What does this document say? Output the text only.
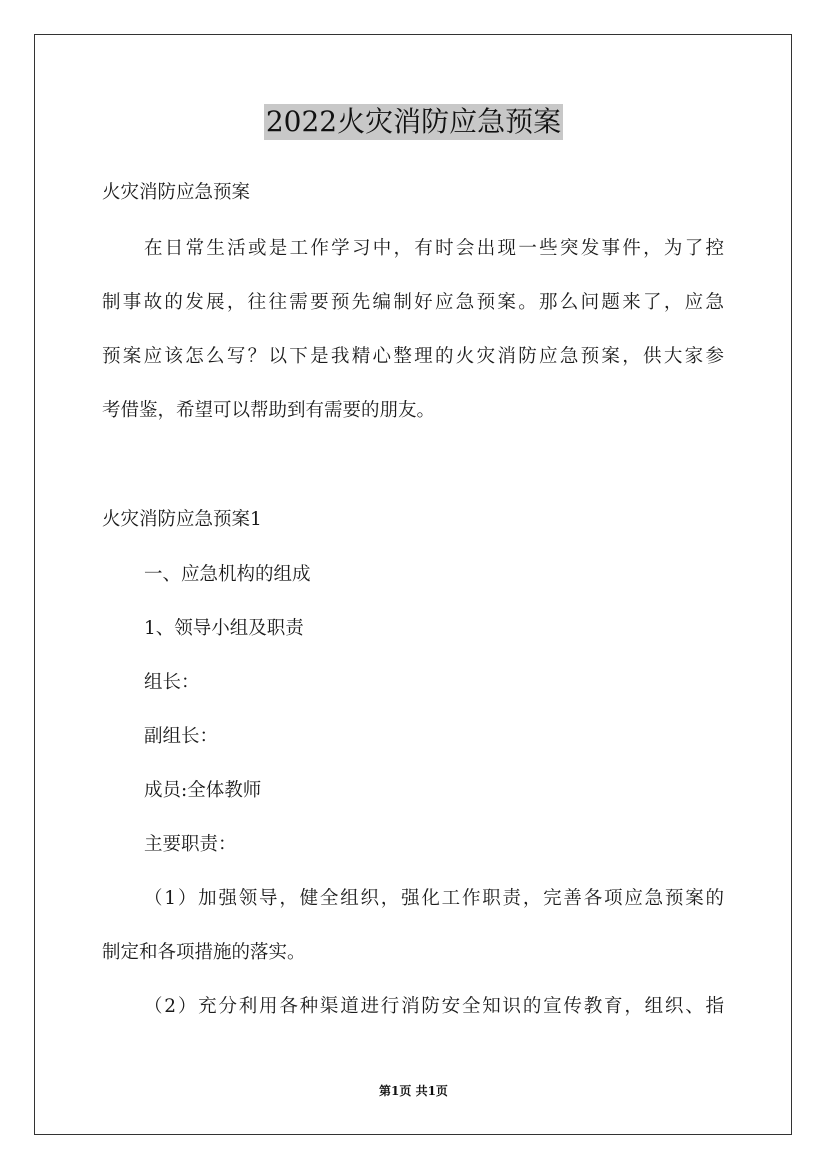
2022火灾消防应急预案

火灾消防应急预案

在日常生活或是工作学习中，有时会出现一些突发事件，为了控

制事故的发展，往往需要预先编制好应急预案。那么问题来了，应急

预案应该怎么写？以下是我精心整理的火灾消防应急预案，供大家参

考借鉴，希望可以帮助到有需要的朋友。

火灾消防应急预案1

一、应急机构的组成

1、领导小组及职责

组长：

副组长：

成员:全体教师

主要职责：

（1）加强领导，健全组织，强化工作职责，完善各项应急预案的

制定和各项措施的落实。

（2）充分利用各种渠道进行消防安全知识的宣传教育，组织、指

第1页 共1页
